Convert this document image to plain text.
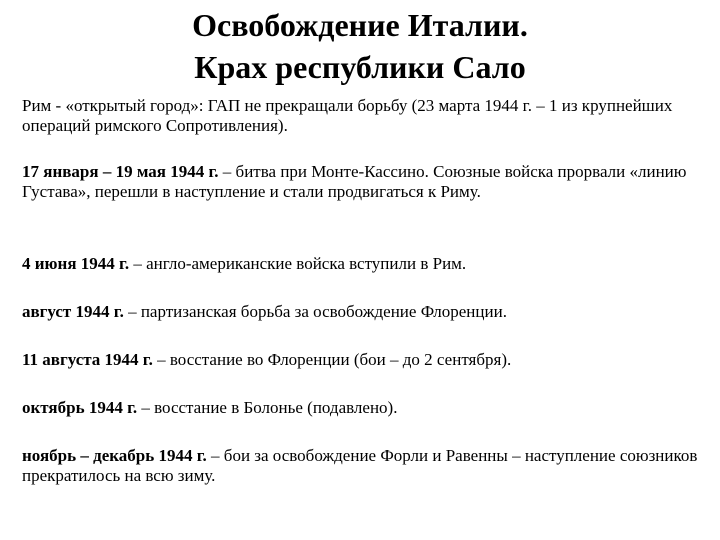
Освобождение Италии.
Крах республики Сало
Рим - «открытый город»: ГАП не прекращали борьбу (23 марта 1944 г. – 1 из крупнейших операций римского Сопротивления).
17 января – 19 мая 1944 г. – битва при Монте-Кассино. Союзные войска прорвали «линию Густава», перешли в наступление и стали продвигаться к Риму.
4 июня 1944 г. – англо-американские войска вступили в Рим.
август 1944 г. – партизанская борьба за освобождение Флоренции.
11 августа 1944 г. – восстание во Флоренции (бои – до 2 сентября).
октябрь 1944 г. – восстание в Болонье (подавлено).
ноябрь – декабрь 1944 г. – бои за освобождение Форли и Равенны – наступление союзников прекратилось на всю зиму.
